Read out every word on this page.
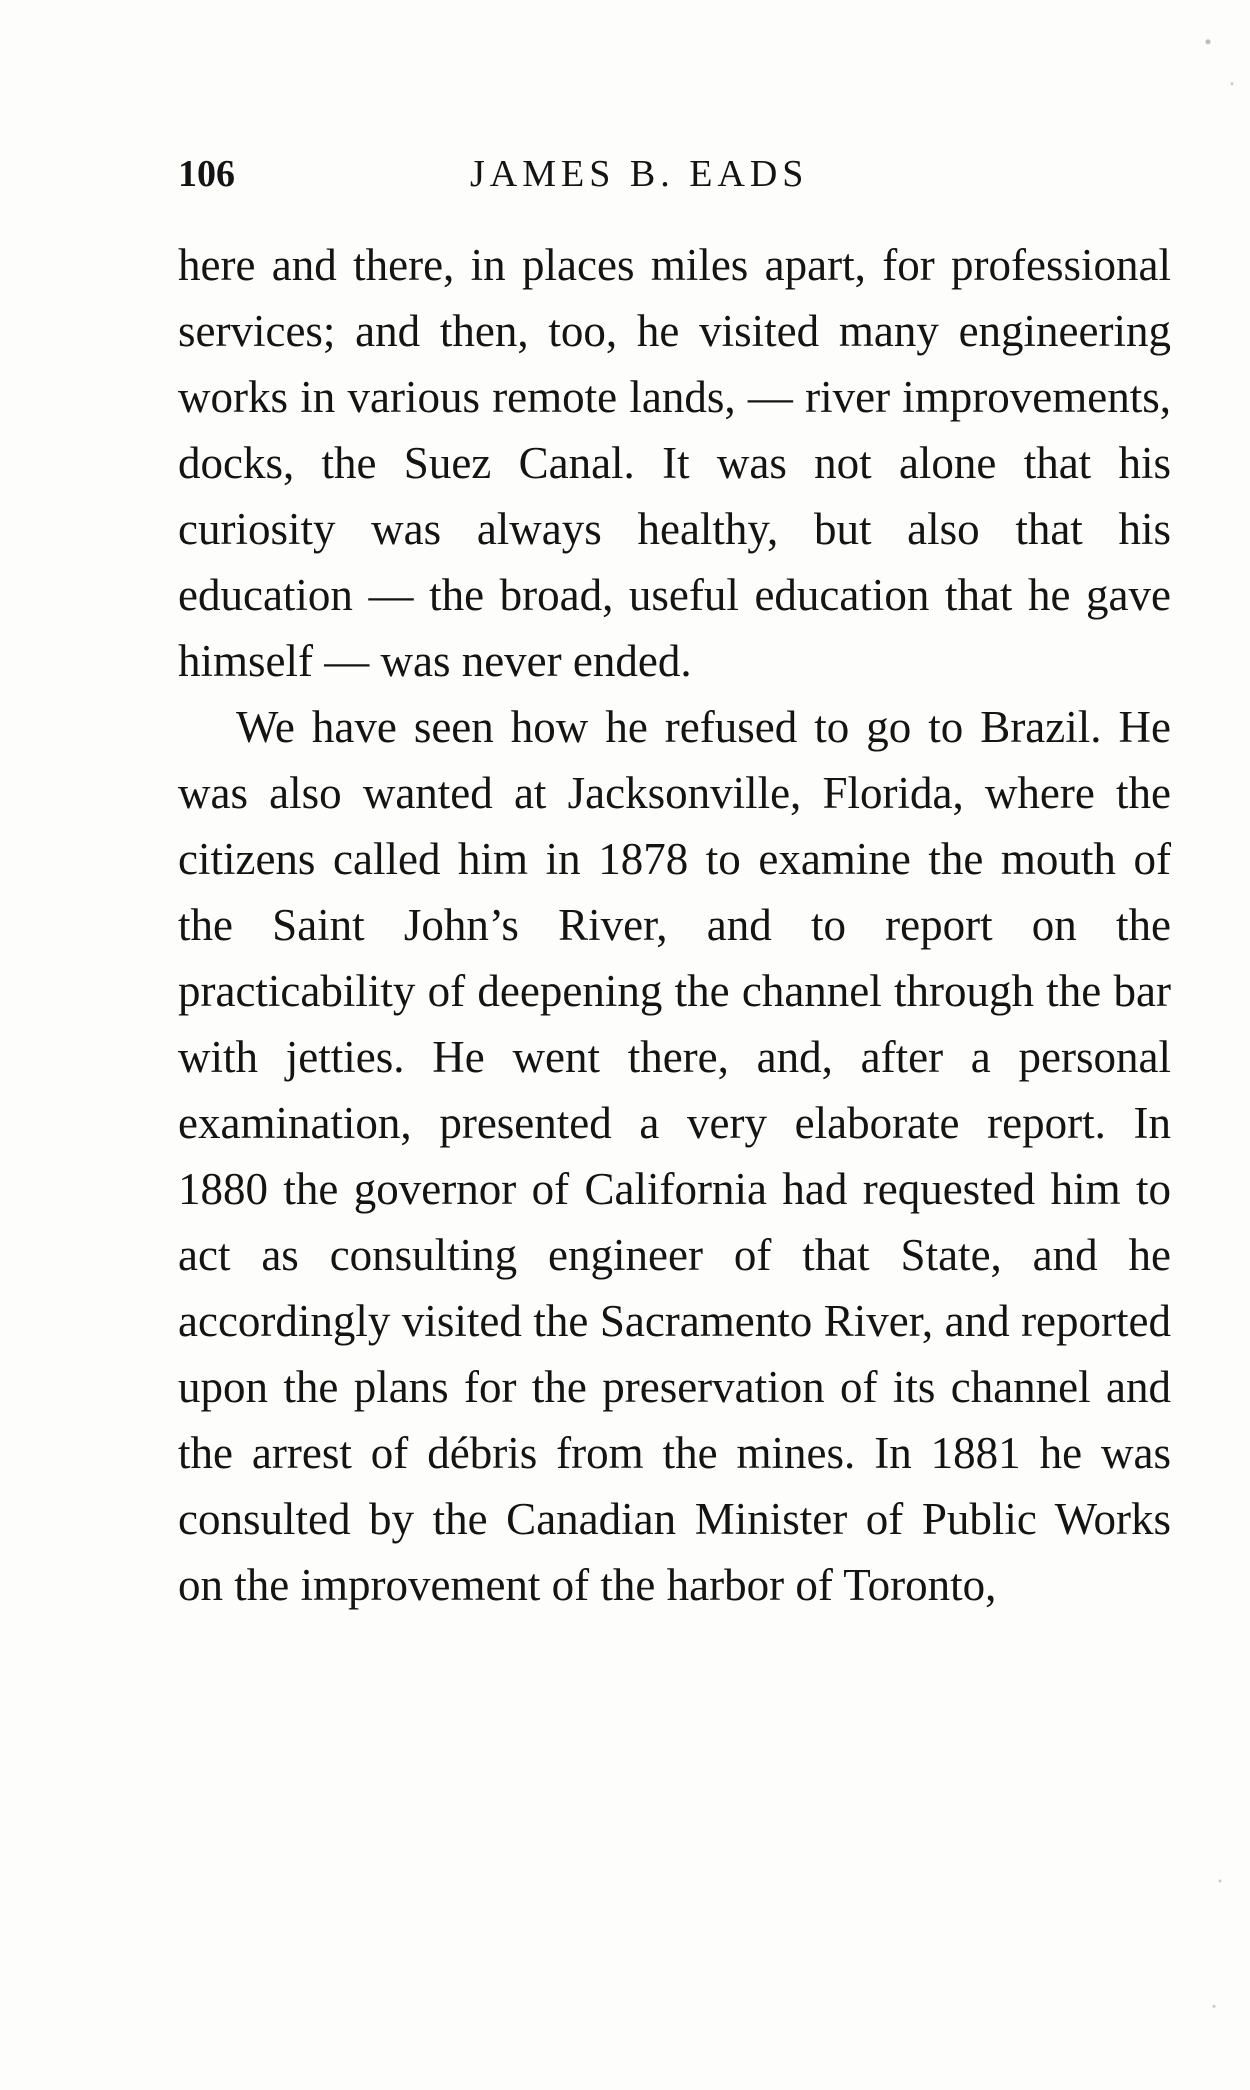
106	JAMES B. EADS

here and there, in places miles apart, for professional services; and then, too, he visited many engineering works in various remote lands, — river improvements, docks, the Suez Canal. It was not alone that his curiosity was always healthy, but also that his education — the broad, useful education that he gave himself — was never ended.

We have seen how he refused to go to Brazil. He was also wanted at Jacksonville, Florida, where the citizens called him in 1878 to examine the mouth of the Saint John’s River, and to report on the practicability of deepening the channel through the bar with jetties. He went there, and, after a personal examination, presented a very elaborate report. In 1880 the governor of California had requested him to act as consulting engineer of that State, and he accordingly visited the Sacramento River, and reported upon the plans for the preservation of its channel and the arrest of débris from the mines. In 1881 he was consulted by the Canadian Minister of Public Works on the improvement of the harbor of Toronto,
